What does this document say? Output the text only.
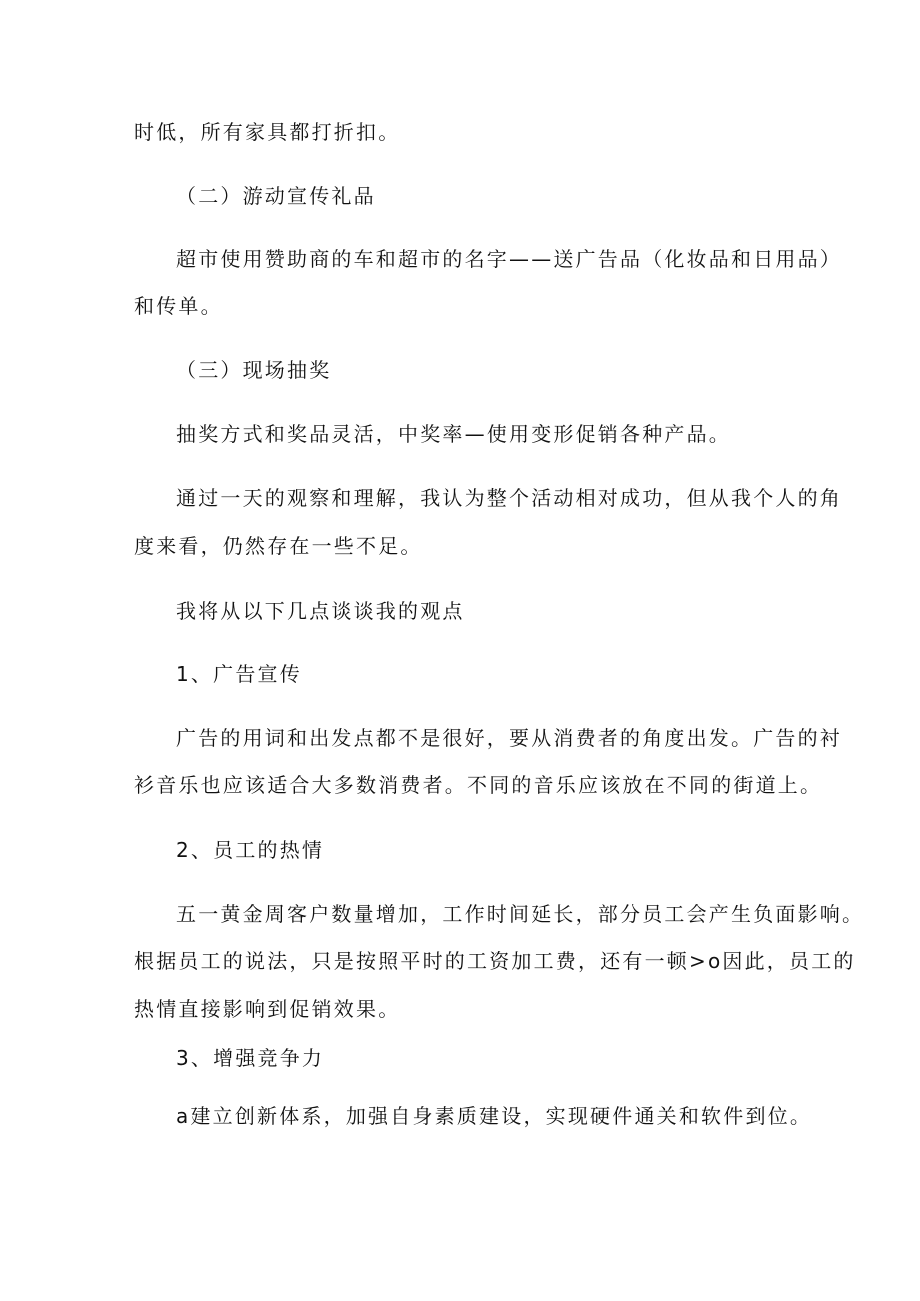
时低，所有家具都打折扣。
（二）游动宣传礼品
超市使用赞助商的车和超市的名字——送广告品（化妆品和日用品）
和传单。
（三）现场抽奖
抽奖方式和奖品灵活，中奖率—使用变形促销各种产品。
通过一天的观察和理解，我认为整个活动相对成功，但从我个人的角
度来看，仍然存在一些不足。
我将从以下几点谈谈我的观点
1、广告宣传
广告的用词和出发点都不是很好，要从消费者的角度出发。广告的衬
衫音乐也应该适合大多数消费者。不同的音乐应该放在不同的街道上。
2、员工的热情
五一黄金周客户数量增加，工作时间延长，部分员工会产生负面影响。
根据员工的说法，只是按照平时的工资加工费，还有一顿>o因此，员工的
热情直接影响到促销效果。
3、增强竞争力
a建立创新体系，加强自身素质建设，实现硬件通关和软件到位。
